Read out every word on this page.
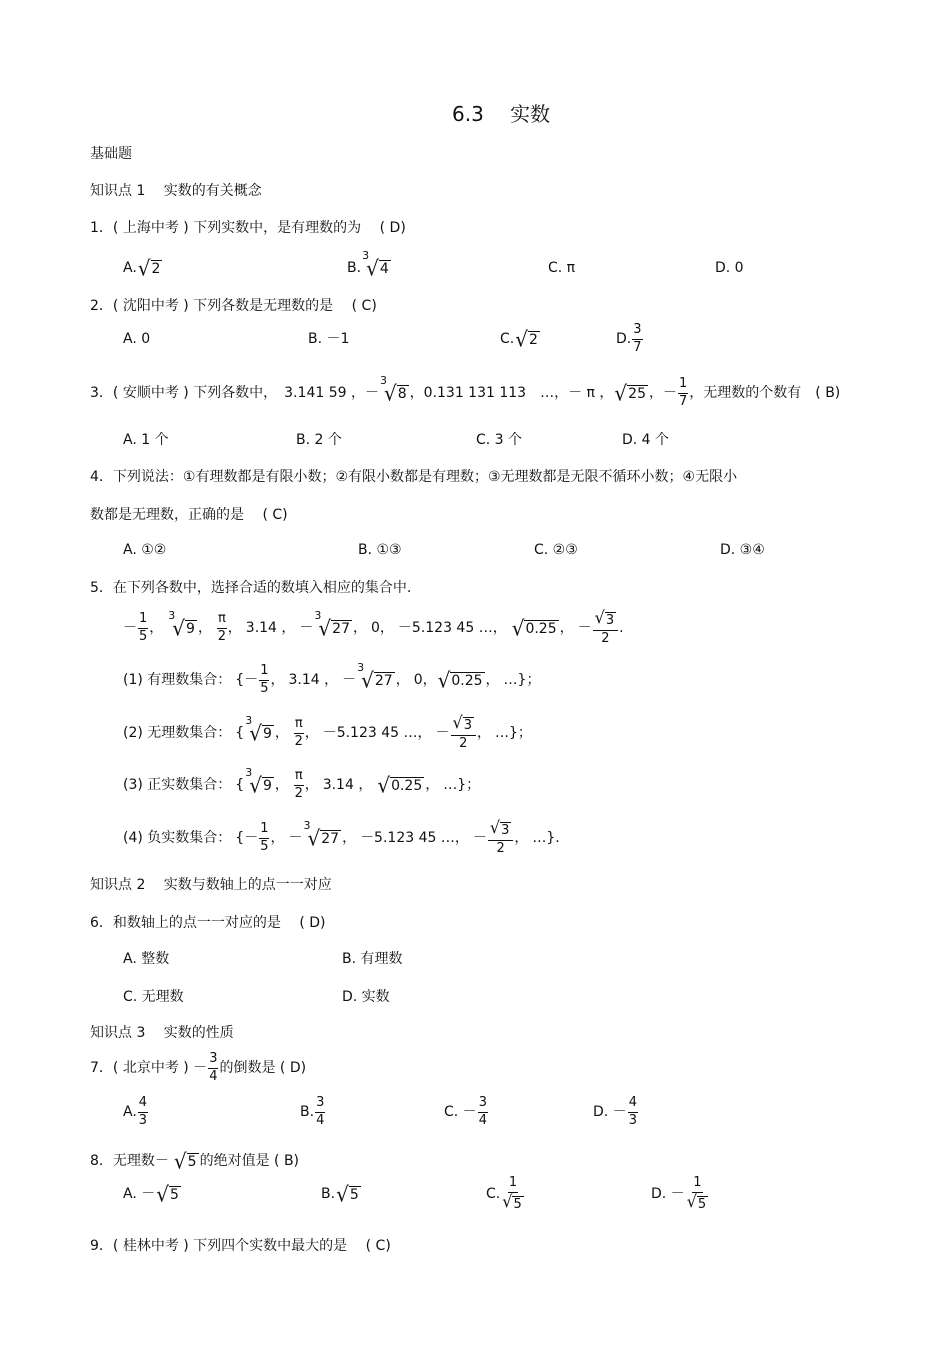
6.3　 实数
基础题
知识点 1　 实数的有关概念
1．( 上海中考 ) 下列实数中，是有理数的为　 ( D)
A. √ 2	B.
3
√ 4	C. π	D. 0
2．( 沈阳中考 ) 下列各数是无理数的是　 ( C)
A. 0	B. －1	C. √ 2	D. $\frac{3}{7}$
3．( 安顺中考 ) 下列各数中，　3.141 59 ，－
3
√ 8 ，0.131 131 113　…，－ π ， √ 25 ，－ $\frac{1}{7}$ ，无理数的个数有　( B)
A. 1 个	B. 2 个	C. 3 个	D. 4 个
4．下列说法：①有理数都是有限小数；②有限小数都是有理数；③无理数都是无限不循环小数；④无限小
数都是无理数，正确的是　 ( C)
A. ①②	B. ①③	C. ②③	D. ③④
5．在下列各数中，选择合适的数填入相应的集合中.
－ $\frac{1}{5}$ ，
3
√ 9 ， $\frac{\pi}{2}$ ， 3.14 ， －
3
√ 27 ， 0， －5.123 45 …， √ 0.25 ， － $\frac{√ 3}{2}$ .
(1) 有理数集合： {－ $\frac{1}{5}$ ， 3.14 ， －
3
√ 27 ， 0， √ 0.25 ， …}；
(2) 无理数集合： {
3
√ 9 ， $\frac{\pi}{2}$ ， －5.123 45 …， － $\frac{√ 3}{2}$ ， …}；
(3) 正实数集合： {
3
√ 9 ， $\frac{\pi}{2}$ ， 3.14 ， √ 0.25 ， …}；
(4) 负实数集合： {－ $\frac{1}{5}$ ， －
3
√ 27 ， －5.123 45 …， － $\frac{√ 3}{2}$ ， …}.
知识点 2　 实数与数轴上的点一一对应
6．和数轴上的点一一对应的是　 ( D)
A. 整数	B. 有理数
C. 无理数	D. 实数
知识点 3　 实数的性质
7．( 北京中考 ) － $\frac{3}{4}$ 的倒数是 ( D)
A. $\frac{4}{3}$	B. $\frac{3}{4}$	C. － $\frac{3}{4}$	D. － $\frac{4}{3}$
8．无理数－ √ 5 的绝对值是 ( B)
A. － √ 5	B. √ 5	C. $\frac{1}{√ 5}$	D. － $\frac{1}{√ 5}$
9．( 桂林中考 ) 下列四个实数中最大的是　 ( C)
